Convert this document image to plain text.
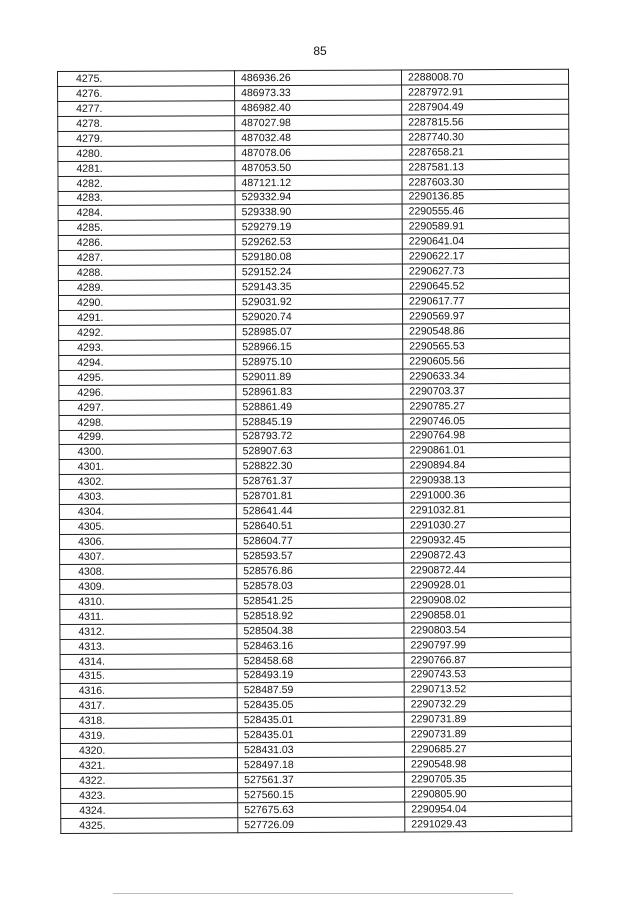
85
4275.	486936.26	2288008.70
4276.	486973.33	2287972.91
4277.	486982.40	2287904.49
4278.	487027.98	2287815.56
4279.	487032.48	2287740.30
4280.	487078.06	2287658.21
4281.	487053.50	2287581.13
4282.	487121.12	2287603.30
4283.	529332.94	2290136.85
4284.	529338.90	2290555.46
4285.	529279.19	2290589.91
4286.	529262.53	2290641.04
4287.	529180.08	2290622.17
4288.	529152.24	2290627.73
4289.	529143.35	2290645.52
4290.	529031.92	2290617.77
4291.	529020.74	2290569.97
4292.	528985.07	2290548.86
4293.	528966.15	2290565.53
4294.	528975.10	2290605.56
4295.	529011.89	2290633.34
4296.	528961.83	2290703.37
4297.	528861.49	2290785.27
4298.	528845.19	2290746.05
4299.	528793.72	2290764.98
4300.	528907.63	2290861.01
4301.	528822.30	2290894.84
4302.	528761.37	2290938.13
4303.	528701.81	2291000.36
4304.	528641.44	2291032.81
4305.	528640.51	2291030.27
4306.	528604.77	2290932.45
4307.	528593.57	2290872.43
4308.	528576.86	2290872.44
4309.	528578.03	2290928.01
4310.	528541.25	2290908.02
4311.	528518.92	2290858.01
4312.	528504.38	2290803.54
4313.	528463.16	2290797.99
4314.	528458.68	2290766.87
4315.	528493.19	2290743.53
4316.	528487.59	2290713.52
4317.	528435.05	2290732.29
4318.	528435.01	2290731.89
4319.	528435.01	2290731.89
4320.	528431.03	2290685.27
4321.	528497.18	2290548.98
4322.	527561.37	2290705.35
4323.	527560.15	2290805.90
4324.	527675.63	2290954.04
4325.	527726.09	2291029.43
